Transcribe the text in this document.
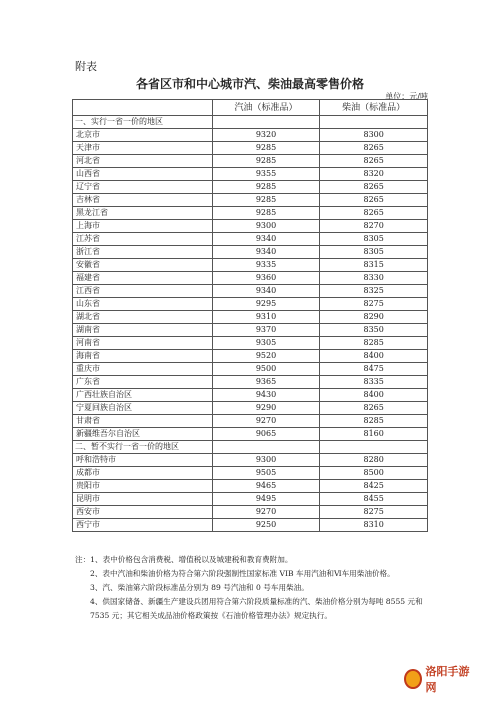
附表
各省区市和中心城市汽、柴油最高零售价格
单位：元/吨
	汽油（标准品）	柴油（标准品）
一、实行一省一价的地区		
北京市	9320	8300
天津市	9285	8265
河北省	9285	8265
山西省	9355	8320
辽宁省	9285	8265
吉林省	9285	8265
黑龙江省	9285	8265
上海市	9300	8270
江苏省	9340	8305
浙江省	9340	8305
安徽省	9335	8315
福建省	9360	8330
江西省	9340	8325
山东省	9295	8275
湖北省	9310	8290
湖南省	9370	8350
河南省	9305	8285
海南省	9520	8400
重庆市	9500	8475
广东省	9365	8335
广西壮族自治区	9430	8400
宁夏回族自治区	9290	8265
甘肃省	9270	8285
新疆维吾尔自治区	9065	8160
二、暂不实行一省一价的地区		
呼和浩特市	9300	8280
成都市	9505	8500
贵阳市	9465	8425
昆明市	9495	8455
西安市	9270	8275
西宁市	9250	8310

注：1、表中价格包含消费税、增值税以及城建税和教育费附加。

2、表中汽油和柴油价格为符合第六阶段强制性国家标准 VIB 车用汽油和Ⅵ车用柴油价格。

3、汽、柴油第六阶段标准品分别为 89 号汽油和 0 号车用柴油。

4、供国家储备、新疆生产建设兵团用符合第六阶段质量标准的汽、柴油价格分别为每吨 8555 元和 7535 元；其它相关成品油价格政策按《石油价格管理办法》规定执行。

洛阳手游网
